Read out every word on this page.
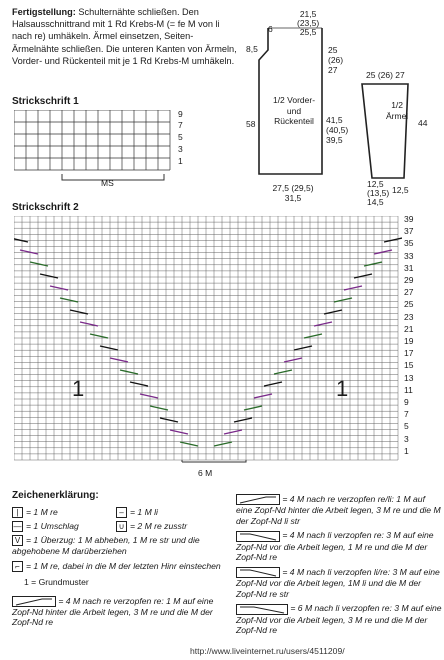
Fertigstellung: Schulternähte schließen. Den Halsausschnittrand mit 1 Rd Krebs-M (= fe M von li nach re) umhäkeln. Ärmel einsetzen, Seiten-Ärmelnähte schließen. Die unteren Kanten von Ärmeln, Vorder- und Rückenteil mit je 1 Rd Krebs-M umhäkeln.
21,5
(23,5)
25,5
6
8,5	25
(26)
27
58
1/2 Vorder-
und
Rückenteil	41,5
(40,5)
39,5
27,5 (29,5)
31,5
25 (26) 27
1/2
Ärmel
44
12,5
(13,5)
14,5
12,5
Strickschrift 1
9
7
5
3
1
MS
Strickschrift 2
39
37
35
33
31
29
27
25
23
21
19
17
15
13
11
9
7
5
3
1
1	1
6 M
Zeichenerklärung:
| = 1 M re	– = 1 M li
— = 1 Umschlag	∪ = 2 M re zusstr
V = 1 Überzug: 1 M abheben, 1 M re str und die abgehobene M darüberziehen
⌐ = 1 M re, dabei in die M der letzten Hinr einstechen
1 = Grundmuster
= 4 M nach re verzopfen re: 1 M auf eine Zopf-Nd hinter die Arbeit legen, 3 M re und die M der Zopf-Nd re
= 4 M nach re verzopfen re/li: 1 M auf eine Zopf-Nd hinter die Arbeit legen, 3 M re und die M der Zopf-Nd li str
= 4 M nach li verzopfen re: 3 M auf eine Zopf-Nd vor die Arbeit legen, 1 M re und die M der Zopf-Nd re
= 4 M nach li verzopfen li/re: 3 M auf eine Zopf-Nd vor die Arbeit legen, 1M li und die M der Zopf-Nd re str
= 6 M nach li verzopfen re: 3 M auf eine Zopf-Nd vor die Arbeit legen, 3 M re und die M der Zopf-Nd re
http://www.liveinternet.ru/users/4511209/
